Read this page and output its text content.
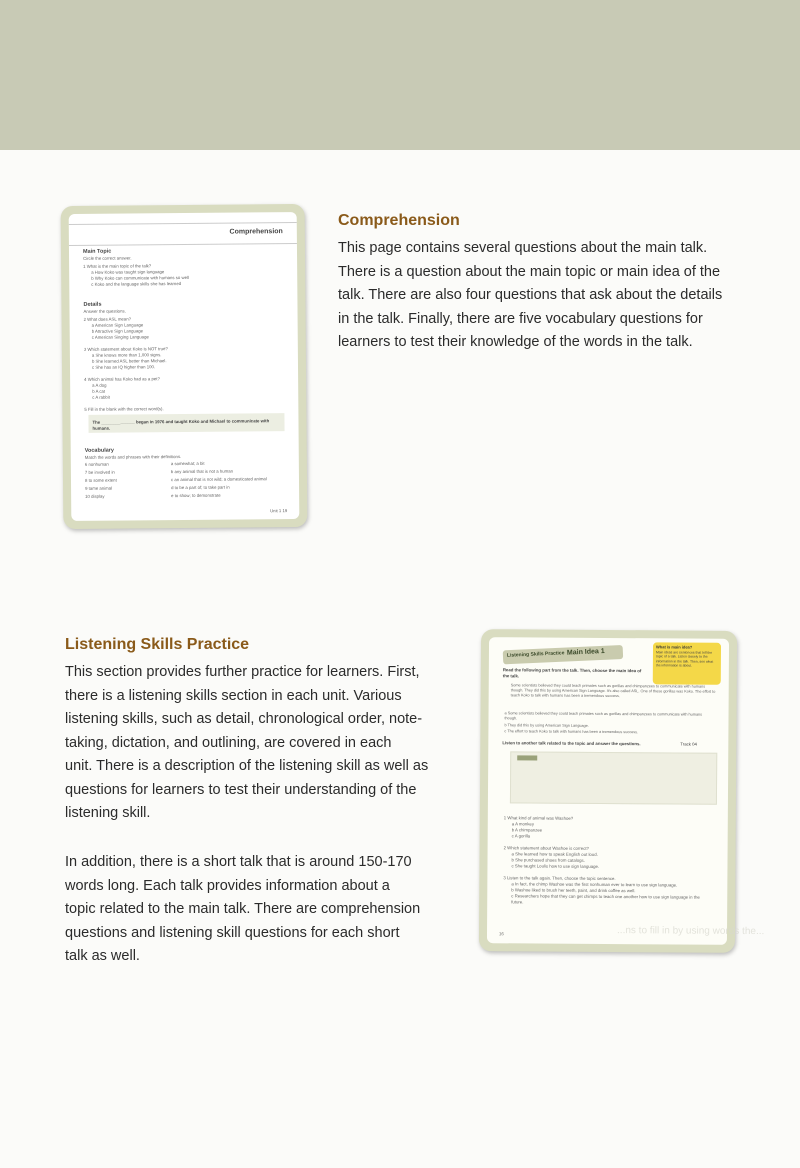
Comprehension
Main Topic
Circle the correct answer.
1 What is the main topic of the talk?
a How Koko was taught sign language
b Why Koko can communicate with humans so well
c Koko and the language skills she has learned
Details
Answer the questions.
2 What does ASL mean?
a American Sign Language
b Attractive Sign Language
c American Singing Language
3 Which statement about Koko is NOT true?
a She knows more than 1,000 signs.
b She learned ASL better than Michael.
c She has an IQ higher than 100.
4 Which animal has Koko had as a pet?
a A dog
b A cat
c A rabbit
5 Fill in the blank with the correct word(s).
The ______________ began in 1976 and taught Koko and Michael to communicate with humans.
Vocabulary
Match the words and phrases with their definitions.
6 nonhuman
7 be involved in
8 to some extent
9 tame animal
10 display
a somewhat; a bit
b any animal that is not a human
c an animal that is not wild; a domesticated animal
d to be a part of; to take part in
e to show; to demonstrate
Unit 1 19
Comprehension

This page contains several questions about the main talk.

There is a question about the main topic or main idea of the

talk. There are also four questions that ask about the details

in the talk. Finally, there are five vocabulary questions for

learners to test their knowledge of the words in the talk.

Listening Skills Practice

This section provides further practice for learners. First,

there is a listening skills section in each unit. Various

listening skills, such as detail, chronological order, note-

taking, dictation, and outlining, are covered in each

unit. There is a description of the listening skill as well as

questions for learners to test their understanding of the

listening skill.

In addition, there is a short talk that is around 150-170

words long. Each talk provides information about a

topic related to the main talk. There are comprehension

questions and listening skill questions for each short

talk as well.

Listening Skills Practice Main Idea 1
What is main idea?
Main ideas are sentences that tell the topic of a talk. Listen closely to the information in the talk. Then, see what the information is about.
Read the following part from the talk. Then, choose the main idea of the talk.
Some scientists believed they could teach primates such as gorillas and chimpanzees to communicate with humans though. They did this by using American Sign Language. It's also called ASL. One of these gorillas was Koko. The effort to teach Koko to talk with humans has been a tremendous success.
a Some scientists believed they could teach primates such as gorillas and chimpanzees to communicate with humans though.
b They did this by using American Sign Language.
c The effort to teach Koko to talk with humans has been a tremendous success.
Listen to another talk related to the topic and answer the questions.	Track 04
1 What kind of animal was Washoe?
a A monkey
b A chimpanzee
c A gorilla
2 Which statement about Washoe is correct?
a She learned how to speak English out loud.
b She purchased shoes from catalogs.
c She taught Loulis how to use sign language.
3 Listen to the talk again. Then, choose the topic sentence.
a In fact, the chimp Washoe was the first nonhuman ever to learn to use sign language.
b Washoe liked to brush her teeth, paint, and drink coffee as well.
c Researchers hope that they can get chimps to teach one another how to use sign language in the future.
16	...ns to fill in by using words the...
